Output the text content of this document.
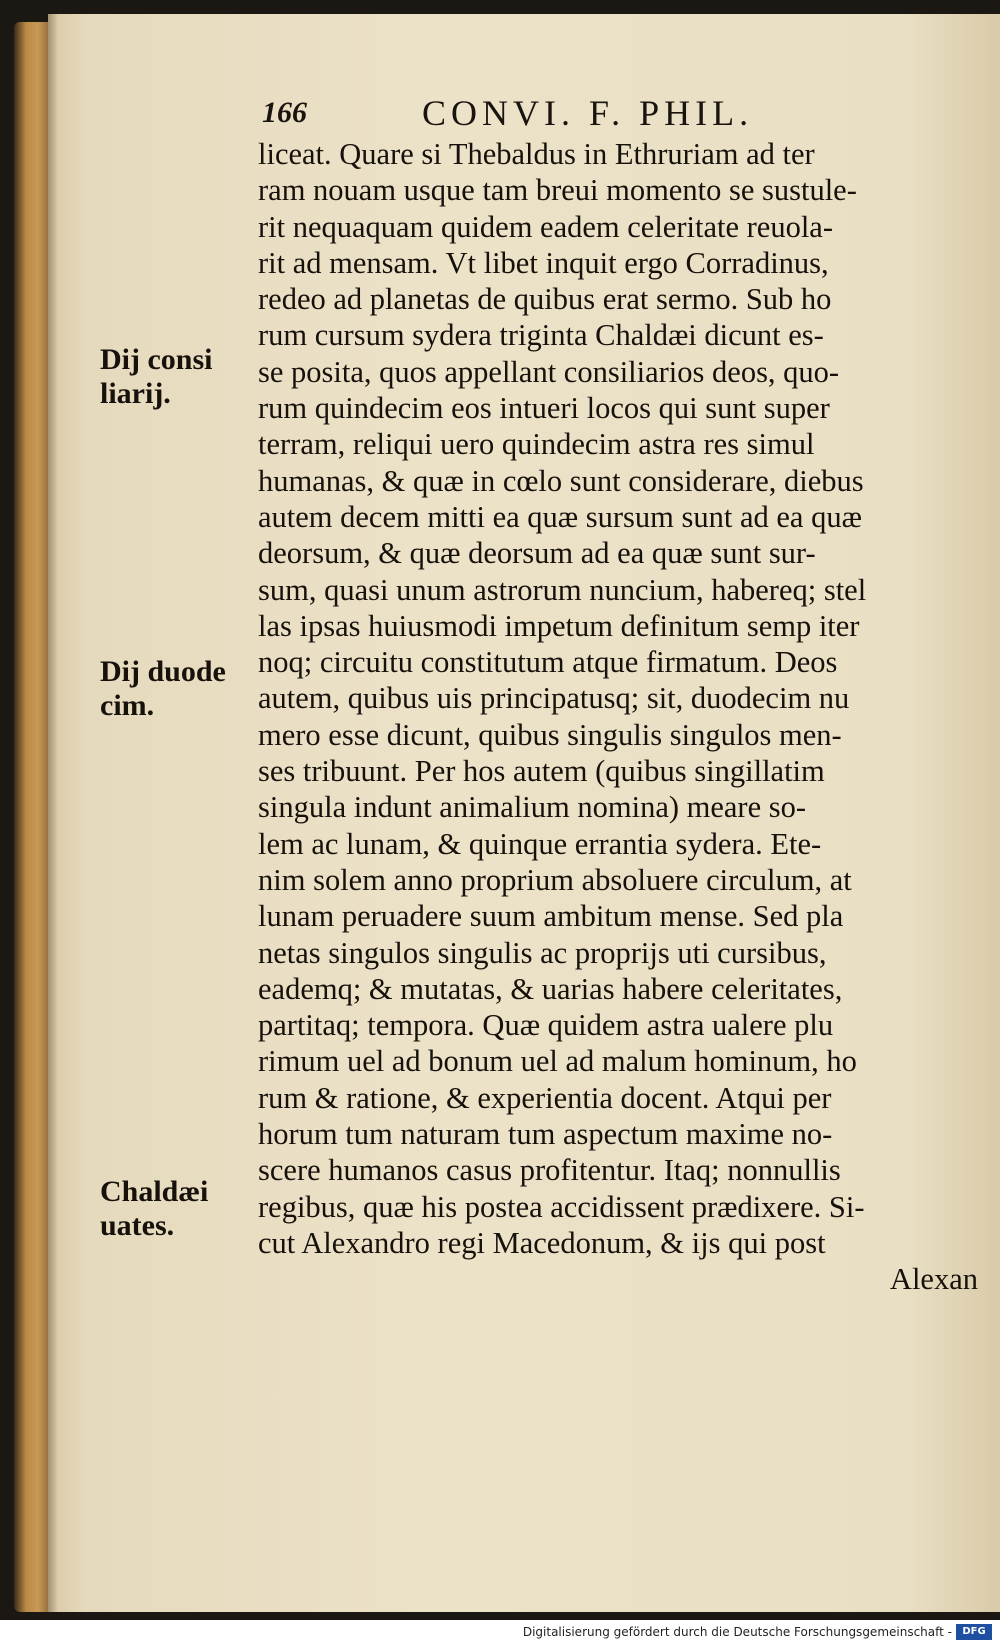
166	CONVI. F. PHIL.
liceat. Quare si Thebaldus in Ethruriam ad ter
ram nouam usque tam breui momento se sustule-
rit nequaquam quidem eadem celeritate reuola-
rit ad mensam. Vt libet inquit ergo Corradinus,
redeo ad planetas de quibus erat sermo. Sub ho
rum cursum sydera triginta Chaldæi dicunt es-
se posita, quos appellant consiliarios deos, quo-
rum quindecim eos intueri locos qui sunt super
terram, reliqui uero quindecim astra res simul
humanas, & quæ in cœlo sunt considerare, diebus
autem decem mitti ea quæ sursum sunt ad ea quæ
deorsum, & quæ deorsum ad ea quæ sunt sur-
sum, quasi unum astrorum nuncium, habereq; stel
las ipsas huiusmodi impetum definitum semp iter
noq; circuitu constitutum atque firmatum. Deos
autem, quibus uis principatusq; sit, duodecim nu
mero esse dicunt, quibus singulis singulos men-
ses tribuunt. Per hos autem (quibus singillatim
singula indunt animalium nomina) meare so-
lem ac lunam, & quinque errantia sydera. Ete-
nim solem anno proprium absoluere circulum, at
lunam peruadere suum ambitum mense. Sed pla
netas singulos singulis ac proprijs uti cursibus,
eademq; & mutatas, & uarias habere celeritates,
partitaq; tempora. Quæ quidem astra ualere plu
rimum uel ad bonum uel ad malum hominum, ho
rum & ratione, & experientia docent. Atqui per
horum tum naturam tum aspectum maxime no-
scere humanos casus profitentur. Itaq; nonnullis
regibus, quæ his postea accidissent prædixere. Si-
cut Alexandro regi Macedonum, & ijs qui post
Alexan
Dij consi
liarij.
Dij duode
cim.
Chaldæi
uates.
Digitalisierung gefördert durch die Deutsche Forschungsgemeinschaft -	DFG
